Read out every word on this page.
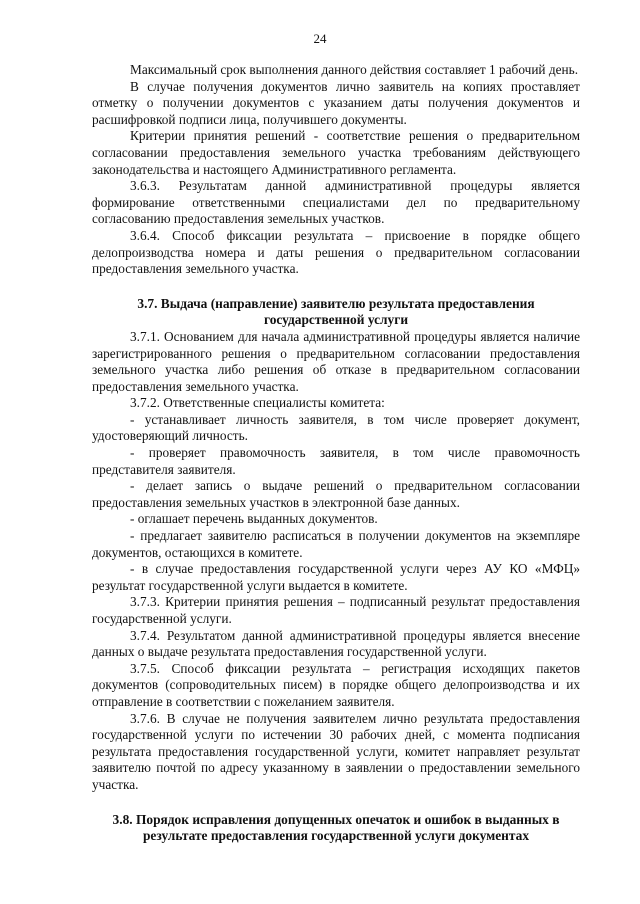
24

Максимальный срок выполнения данного действия составляет 1 рабочий день.

В случае получения документов лично заявитель на копиях проставляет отметку о получении документов с указанием даты получения документов и расшифровкой подписи лица, получившего документы.

Критерии принятия решений - соответствие решения о предварительном согласовании предоставления земельного участка требованиям действующего законодательства и настоящего Административного регламента.

3.6.3. Результатам данной административной процедуры является формирование ответственными специалистами дел по предварительному согласованию предоставления земельных участков.

3.6.4. Способ фиксации результата – присвоение в порядке общего делопроизводства номера и даты решения о предварительном согласовании предоставления земельного участка.

3.7. Выдача (направление) заявителю результата предоставления государственной услуги

3.7.1. Основанием для начала административной процедуры является наличие зарегистрированного решения о предварительном согласовании предоставления земельного участка либо решения об отказе в предварительном согласовании предоставления земельного участка.

3.7.2. Ответственные специалисты комитета:

- устанавливает личность заявителя, в том числе проверяет документ, удостоверяющий личность.

- проверяет правомочность заявителя, в том числе правомочность представителя заявителя.

- делает запись о выдаче решений о предварительном согласовании предоставления земельных участков в электронной базе данных.

- оглашает перечень выданных документов.

- предлагает заявителю расписаться в получении документов на экземпляре документов, остающихся в комитете.

- в случае предоставления государственной услуги через АУ КО «МФЦ» результат государственной услуги выдается в комитете.

3.7.3. Критерии принятия решения – подписанный результат предоставления государственной услуги.

3.7.4. Результатом данной административной процедуры является внесение данных о выдаче результата предоставления государственной услуги.

3.7.5. Способ фиксации результата – регистрация исходящих пакетов документов (сопроводительных писем) в порядке общего делопроизводства и их отправление в соответствии с пожеланием заявителя.

3.7.6. В случае не получения заявителем лично результата предоставления государственной услуги по истечении 30 рабочих дней, с момента подписания результата предоставления государственной услуги, комитет направляет результат заявителю почтой по адресу указанному в заявлении о предоставлении земельного участка.

3.8. Порядок исправления допущенных опечаток и ошибок в выданных в результате предоставления государственной услуги документах
